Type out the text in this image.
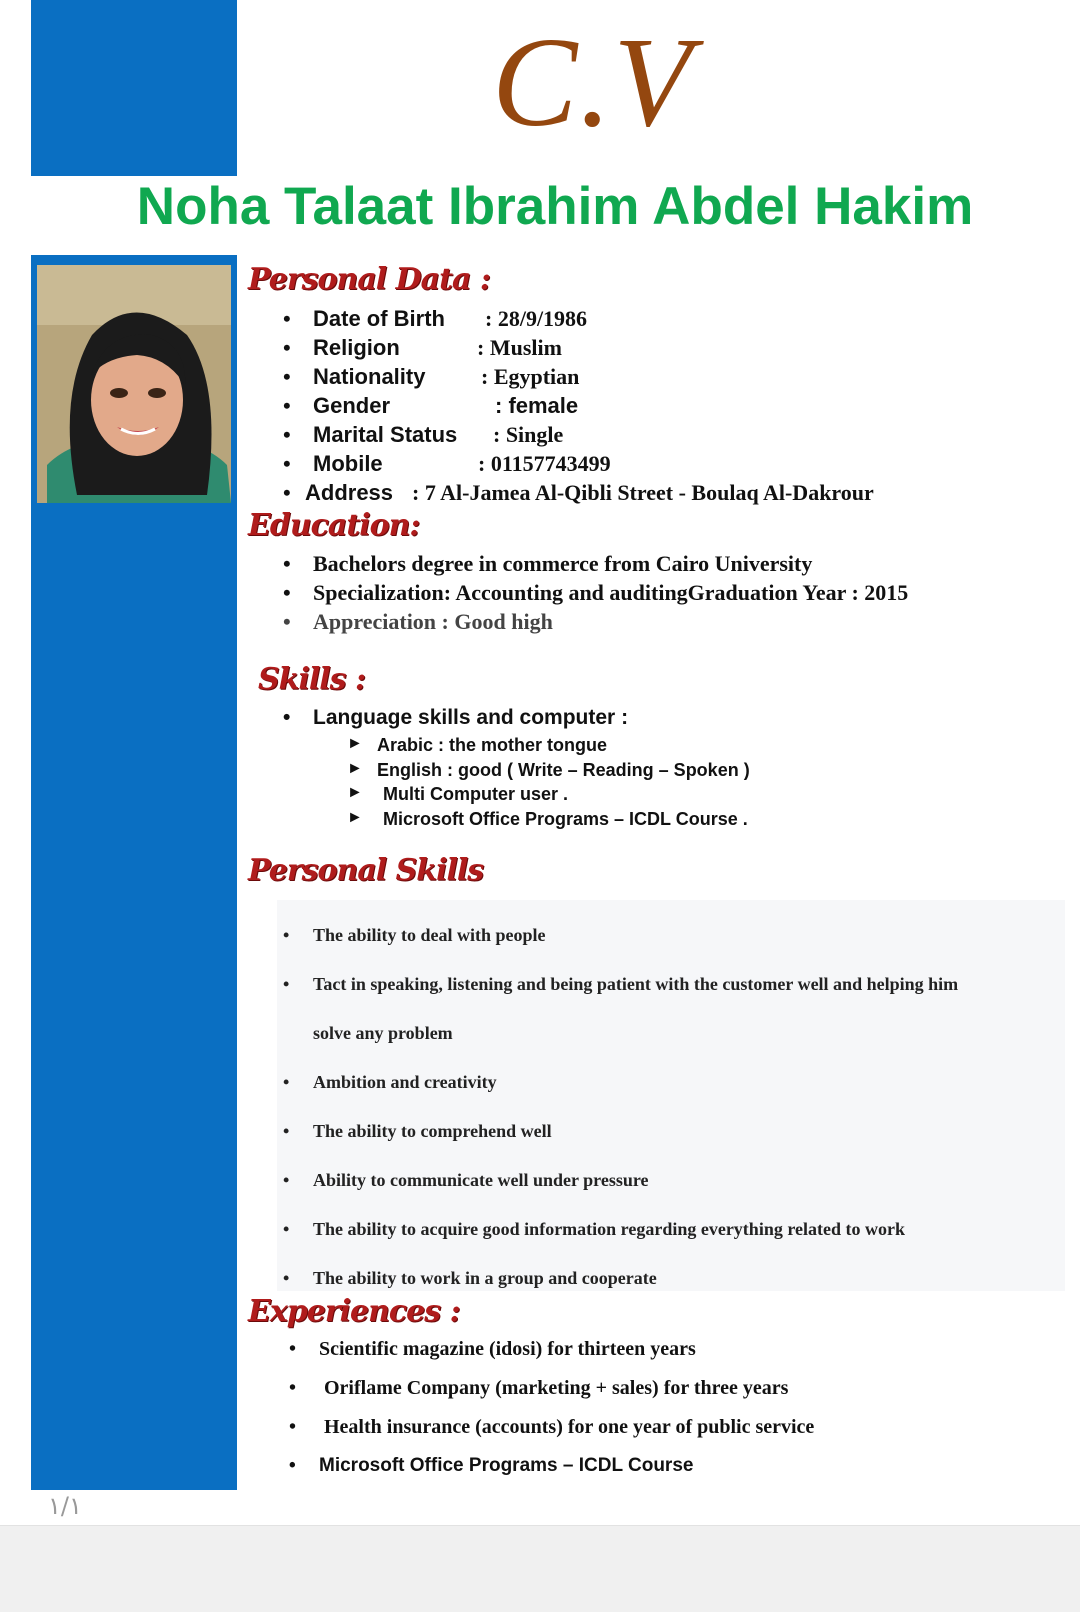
C.V
Noha Talaat Ibrahim Abdel Hakim
Personal Data :
• Date of Birth : 28/9/1986
• Religion	: Muslim
• Nationality	: Egyptian
• Gender	: female
• Marital Status : Single
• Mobile	: 01157743499
• Address : 7 Al-Jamea Al-Qibli Street - Boulaq Al-Dakrour
Education:
• Bachelors degree in commerce from Cairo University
• Specialization: Accounting and auditingGraduation Year : 2015
• Appreciation : Good high
Skills :
• Language skills and computer :
► Arabic : the mother tongue
► English : good ( Write – Reading – Spoken )
► Multi Computer user .
► Microsoft Office Programs – ICDL Course .
Personal Skills
• The ability to deal with people
• Tact in speaking, listening and being patient with the customer well and helping him
solve any problem
• Ambition and creativity
• The ability to comprehend well
• Ability to communicate well under pressure
• The ability to acquire good information regarding everything related to work
• The ability to work in a group and cooperate
Experiences :
• Scientific magazine (idosi) for thirteen years
• Oriflame Company (marketing + sales) for three years
• Health insurance (accounts) for one year of public service
• Microsoft Office Programs – ICDL Course
١/١
